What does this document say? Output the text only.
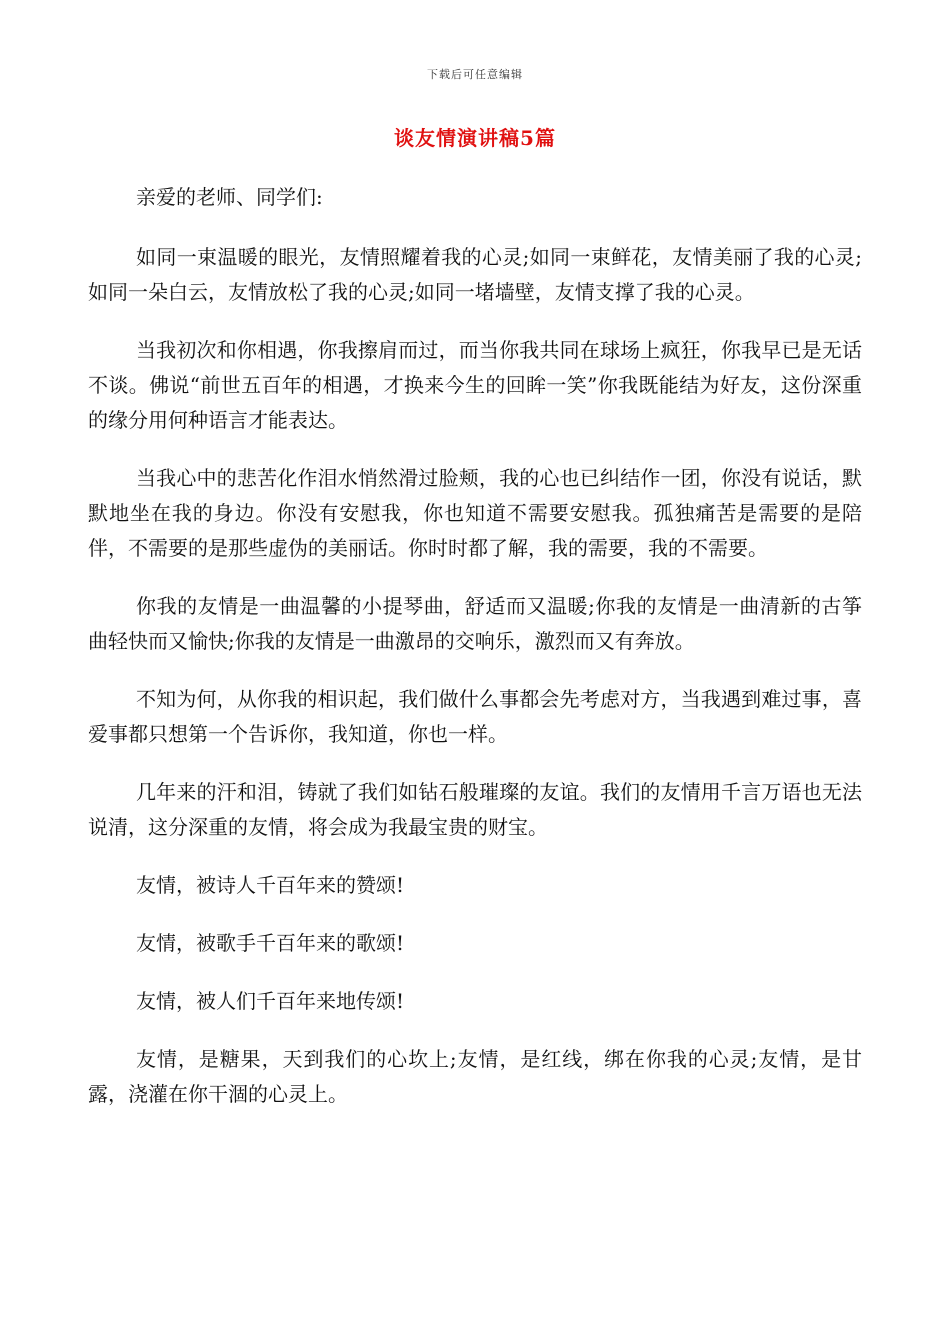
下载后可任意编辑
谈友情演讲稿5篇

亲爱的老师、同学们:

如同一束温暖的眼光，友情照耀着我的心灵;如同一束鲜花，友情美丽了我的心灵;如同一朵白云，友情放松了我的心灵;如同一堵墙壁，友情支撑了我的心灵。

当我初次和你相遇，你我擦肩而过，而当你我共同在球场上疯狂，你我早已是无话不谈。佛说“前世五百年的相遇，才换来今生的回眸一笑”你我既能结为好友，这份深重的缘分用何种语言才能表达。

当我心中的悲苦化作泪水悄然滑过脸颊，我的心也已纠结作一团，你没有说话，默默地坐在我的身边。你没有安慰我，你也知道不需要安慰我。孤独痛苦是需要的是陪伴，不需要的是那些虚伪的美丽话。你时时都了解，我的需要，我的不需要。

你我的友情是一曲温馨的小提琴曲，舒适而又温暖;你我的友情是一曲清新的古筝曲轻快而又愉快;你我的友情是一曲激昂的交响乐，激烈而又有奔放。

不知为何，从你我的相识起，我们做什么事都会先考虑对方，当我遇到难过事，喜爱事都只想第一个告诉你，我知道，你也一样。

几年来的汗和泪，铸就了我们如钻石般璀璨的友谊。我们的友情用千言万语也无法说清，这分深重的友情，将会成为我最宝贵的财宝。

友情，被诗人千百年来的赞颂!

友情，被歌手千百年来的歌颂!

友情，被人们千百年来地传颂!

友情，是糖果，天到我们的心坎上;友情，是红线，绑在你我的心灵;友情，是甘露，浇灌在你干涸的心灵上。
